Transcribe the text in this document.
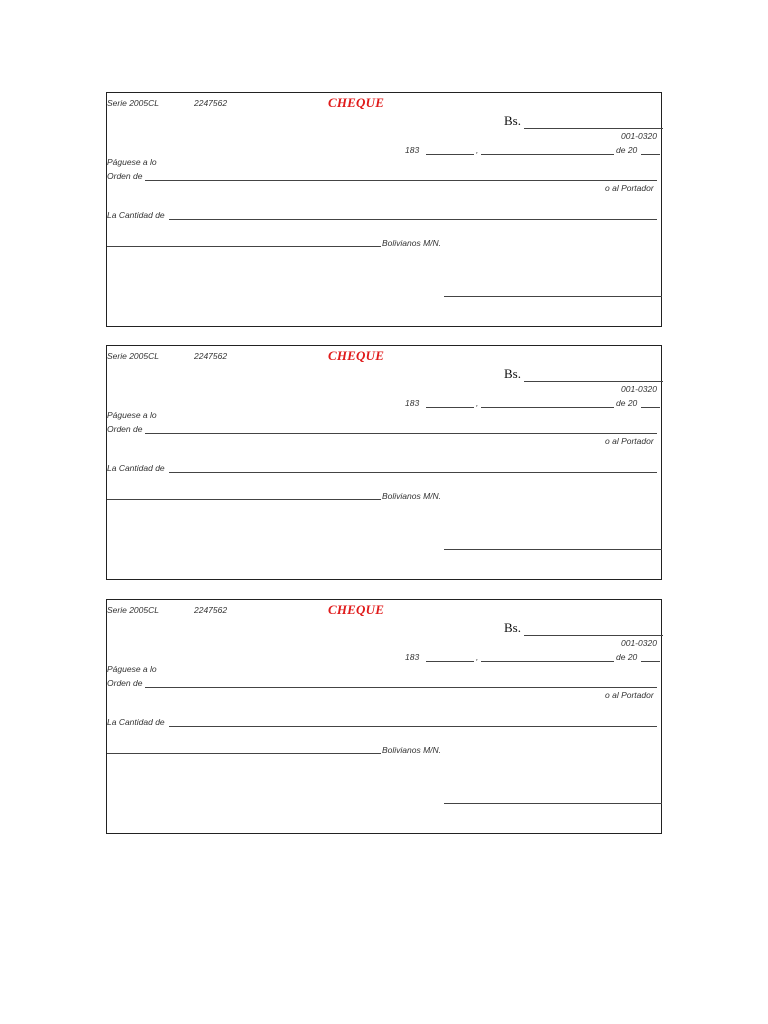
Serie 2005CL	2247562	CHEQUE
Bs.
001-0320
183	,	de 20
Páguese a lo
Orden de
o al Portador
La Cantidad de
Bolivianos M/N.
Serie 2005CL	2247562	CHEQUE
Bs.
001-0320
183	,	de 20
Páguese a lo
Orden de
o al Portador
La Cantidad de
Bolivianos M/N.
Serie 2005CL	2247562	CHEQUE
Bs.
001-0320
183	,	de 20
Páguese a lo
Orden de
o al Portador
La Cantidad de
Bolivianos M/N.
